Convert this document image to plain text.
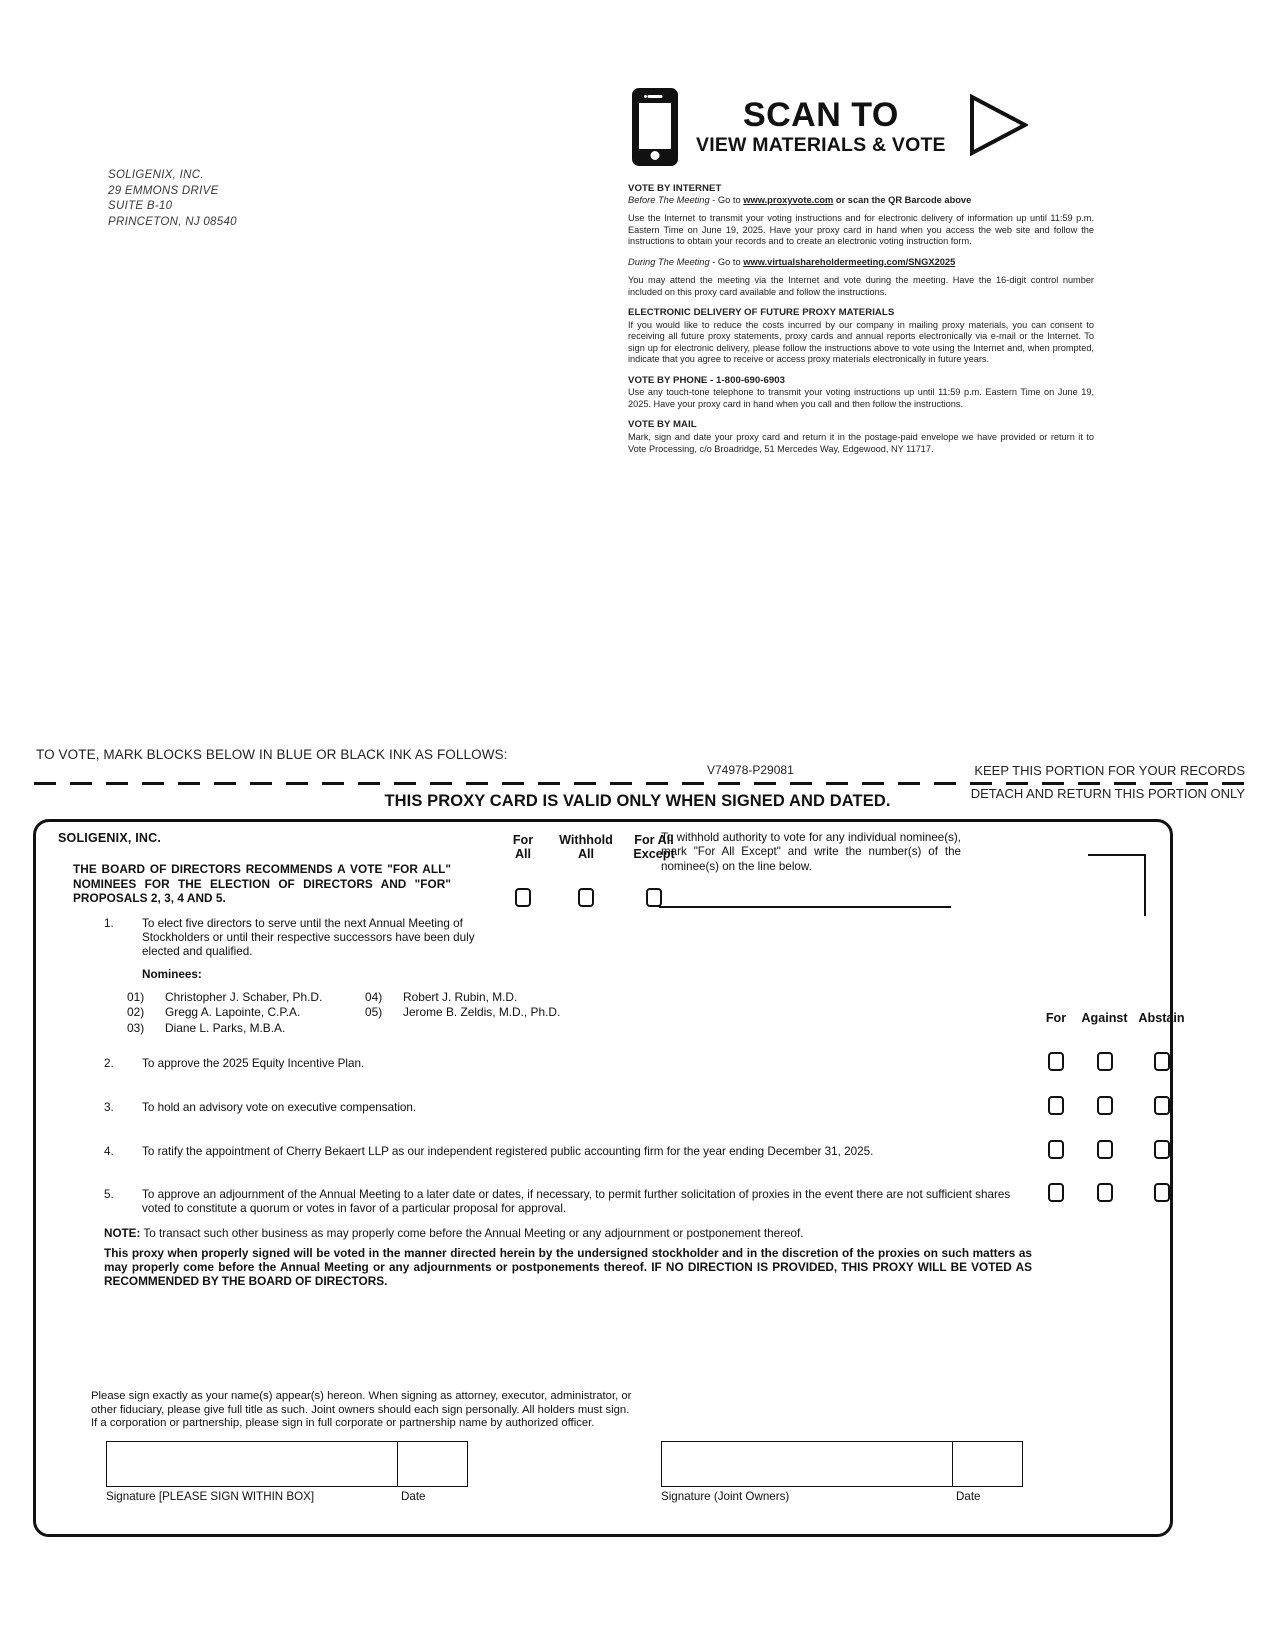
SOLIGENIX, INC.
29 EMMONS DRIVE
SUITE B-10
PRINCETON, NJ 08540
SCAN TO
VIEW MATERIALS & VOTE
VOTE BY INTERNET
Before The Meeting - Go to www.proxyvote.com or scan the QR Barcode above
Use the Internet to transmit your voting instructions and for electronic delivery of information up until 11:59 p.m. Eastern Time on June 19, 2025. Have your proxy card in hand when you access the web site and follow the instructions to obtain your records and to create an electronic voting instruction form.
During The Meeting - Go to www.virtualshareholdermeeting.com/SNGX2025
You may attend the meeting via the Internet and vote during the meeting. Have the 16-digit control number included on this proxy card available and follow the instructions.
ELECTRONIC DELIVERY OF FUTURE PROXY MATERIALS
If you would like to reduce the costs incurred by our company in mailing proxy materials, you can consent to receiving all future proxy statements, proxy cards and annual reports electronically via e-mail or the Internet. To sign up for electronic delivery, please follow the instructions above to vote using the Internet and, when prompted, indicate that you agree to receive or access proxy materials electronically in future years.
VOTE BY PHONE - 1-800-690-6903
Use any touch-tone telephone to transmit your voting instructions up until 11:59 p.m. Eastern Time on June 19, 2025. Have your proxy card in hand when you call and then follow the instructions.
VOTE BY MAIL
Mark, sign and date your proxy card and return it in the postage-paid envelope we have provided or return it to Vote Processing, c/o Broadridge, 51 Mercedes Way, Edgewood, NY 11717.
TO VOTE, MARK BLOCKS BELOW IN BLUE OR BLACK INK AS FOLLOWS:
V74978-P29081	KEEP THIS PORTION FOR YOUR RECORDS
DETACH AND RETURN THIS PORTION ONLY
THIS PROXY CARD IS VALID ONLY WHEN SIGNED AND DATED.
SOLIGENIX, INC.
THE BOARD OF DIRECTORS RECOMMENDS A VOTE "FOR ALL" NOMINEES FOR THE ELECTION OF DIRECTORS AND "FOR" PROPOSALS 2, 3, 4 AND 5.
For
All
Withhold
All
For All
Except
To withhold authority to vote for any individual nominee(s), mark "For All Except" and write the number(s) of the nominee(s) on the line below.
1. To elect five directors to serve until the next Annual Meeting of Stockholders or until their respective successors have been duly elected and qualified.
Nominees:
01)	Christopher J. Schaber, Ph.D.	04)	Robert J. Rubin, M.D.
02)	Gregg A. Lapointe, C.P.A.	05)	Jerome B. Zeldis, M.D., Ph.D.
03)	Diane L. Parks, M.B.A.		
For	Against Abstain
2. To approve the 2025 Equity Incentive Plan.
3. To hold an advisory vote on executive compensation.
4. To ratify the appointment of Cherry Bekaert LLP as our independent registered public accounting firm for the year ending December 31, 2025.
5. To approve an adjournment of the Annual Meeting to a later date or dates, if necessary, to permit further solicitation of proxies in the event there are not sufficient shares voted to constitute a quorum or votes in favor of a particular proposal for approval.
NOTE: To transact such other business as may properly come before the Annual Meeting or any adjournment or postponement thereof.
This proxy when properly signed will be voted in the manner directed herein by the undersigned stockholder and in the discretion of the proxies on such matters as may properly come before the Annual Meeting or any adjournments or postponements thereof. IF NO DIRECTION IS PROVIDED, THIS PROXY WILL BE VOTED AS RECOMMENDED BY THE BOARD OF DIRECTORS.
Please sign exactly as your name(s) appear(s) hereon. When signing as attorney, executor, administrator, or other fiduciary, please give full title as such. Joint owners should each sign personally. All holders must sign. If a corporation or partnership, please sign in full corporate or partnership name by authorized officer.
Signature [PLEASE SIGN WITHIN BOX]	Date	Signature (Joint Owners)	Date
